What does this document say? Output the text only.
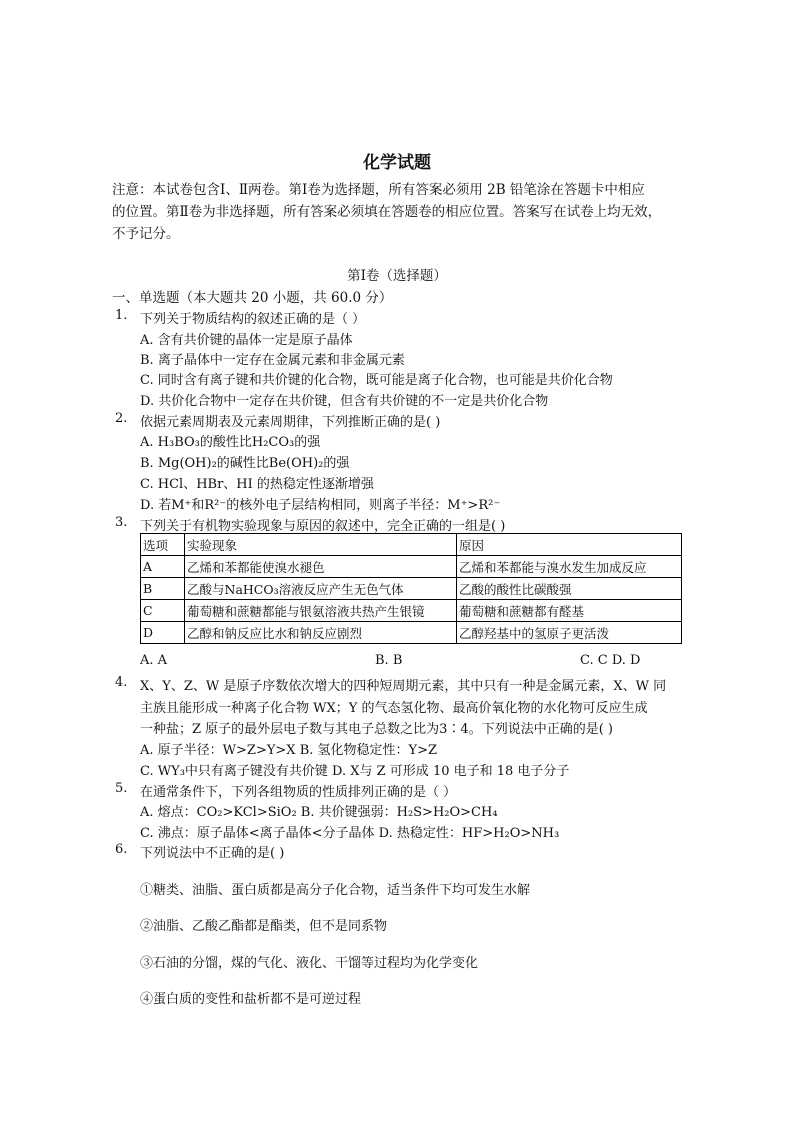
化学试题
注意：本试卷包含Ⅰ、Ⅱ两卷。第Ⅰ卷为选择题，所有答案必须用 2B 铅笔涂在答题卡中相应
的位置。第Ⅱ卷为非选择题，所有答案必须填在答题卷的相应位置。答案写在试卷上均无效，
不予记分。
第Ⅰ卷（选择题）
一、单选题（本大题共 20 小题，共 60.0 分）
1. 下列关于物质结构的叙述正确的是（ ）
A. 含有共价键的晶体一定是原子晶体
B. 离子晶体中一定存在金属元素和非金属元素
C. 同时含有离子键和共价键的化合物，既可能是离子化合物，也可能是共价化合物
D. 共价化合物中一定存在共价键，但含有共价键的不一定是共价化合物
2. 依据元素周期表及元素周期律，下列推断正确的是( )
A. H₃BO₃的酸性比H₂CO₃的强
B. Mg(OH)₂的碱性比Be(OH)₂的强
C. HCl、HBr、HI 的热稳定性逐渐增强
D. 若M⁺和R²⁻的核外电子层结构相同，则离子半径：M⁺>R²⁻
3. 下列关于有机物实验现象与原因的叙述中，完全正确的一组是( )
选项	实验现象	原因
A	乙烯和苯都能使溴水褪色	乙烯和苯都能与溴水发生加成反应
B	乙酸与NaHCO₃溶液反应产生无色气体	乙酸的酸性比碳酸强
C	葡萄糖和蔗糖都能与银氨溶液共热产生银镜	葡萄糖和蔗糖都有醛基
D	乙醇和钠反应比水和钠反应剧烈	乙醇羟基中的氢原子更活泼
A. A	B. B	C. C D. D
4. X、Y、Z、W 是原子序数依次增大的四种短周期元素，其中只有一种是金属元素，X、W 同
主族且能形成一种离子化合物 WX；Y 的气态氢化物、最高价氧化物的水化物可反应生成
一种盐；Z 原子的最外层电子数与其电子总数之比为3∶4。下列说法中正确的是( )
A. 原子半径：W>Z>Y>X B. 氢化物稳定性：Y>Z
C. WY₃中只有离子键没有共价键 D. X与 Z 可形成 10 电子和 18 电子分子
5. 在通常条件下，下列各组物质的性质排列正确的是（ ）
A. 熔点：CO₂>KCl>SiO₂ B. 共价键强弱：H₂S>H₂O>CH₄
C. 沸点：原子晶体<离子晶体<分子晶体 D. 热稳定性：HF>H₂O>NH₃
6. 下列说法中不正确的是( )
①糖类、油脂、蛋白质都是高分子化合物，适当条件下均可发生水解
②油脂、乙酸乙酯都是酯类，但不是同系物
③石油的分馏，煤的气化、液化、干馏等过程均为化学变化
④蛋白质的变性和盐析都不是可逆过程
